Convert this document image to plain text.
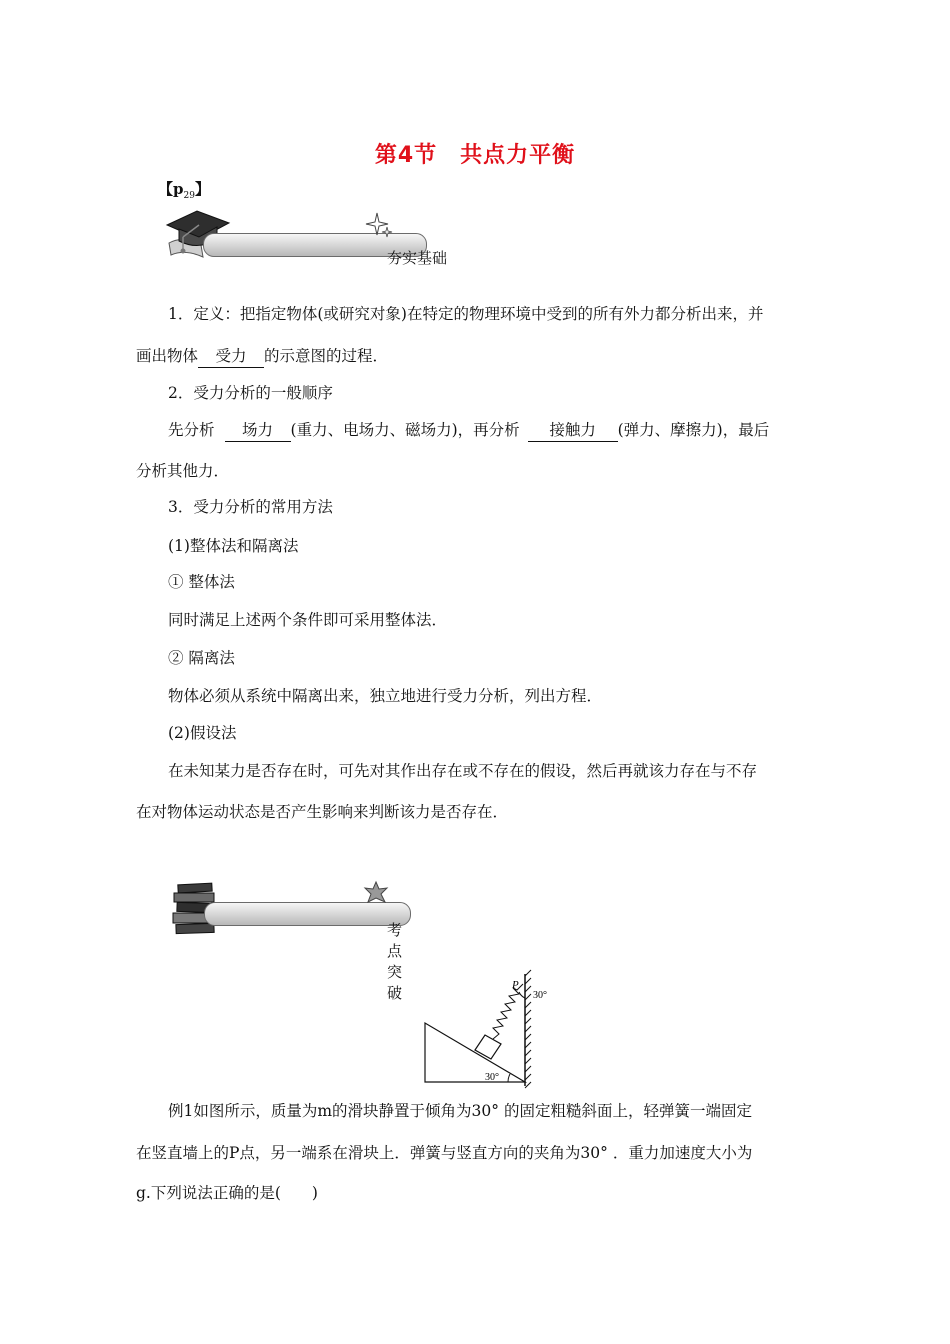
第4节　共点力平衡
【$p_{29}$】
夯实基础
1．定义：把指定物体(或研究对象)在特定的物理环境中受到的所有外力都分析出来，并
画出物体 受力 的示意图的过程．
2．受力分析的一般顺序
先分析 场力 (重力、电场力、磁场力)，再分析 接触力 (弹力、摩擦力)，最后
分析其他力．
3．受力分析的常用方法
(1)整体法和隔离法
① 整体法
同时满足上述两个条件即可采用整体法．
② 隔离法
物体必须从系统中隔离出来，独立地进行受力分析，列出方程．
(2)假设法
在未知某力是否存在时，可先对其作出存在或不存在的假设，然后再就该力存在与不存
在对物体运动状态是否产生影响来判断该力是否存在．
考点突破	P
30°
30°
例1如图所示，质量为m的滑块静置于倾角为30° 的固定粗糙斜面上，轻弹簧一端固定
在竖直墙上的P点，另一端系在滑块上．弹簧与竖直方向的夹角为30° ．重力加速度大小为
g.下列说法正确的是(　　)
